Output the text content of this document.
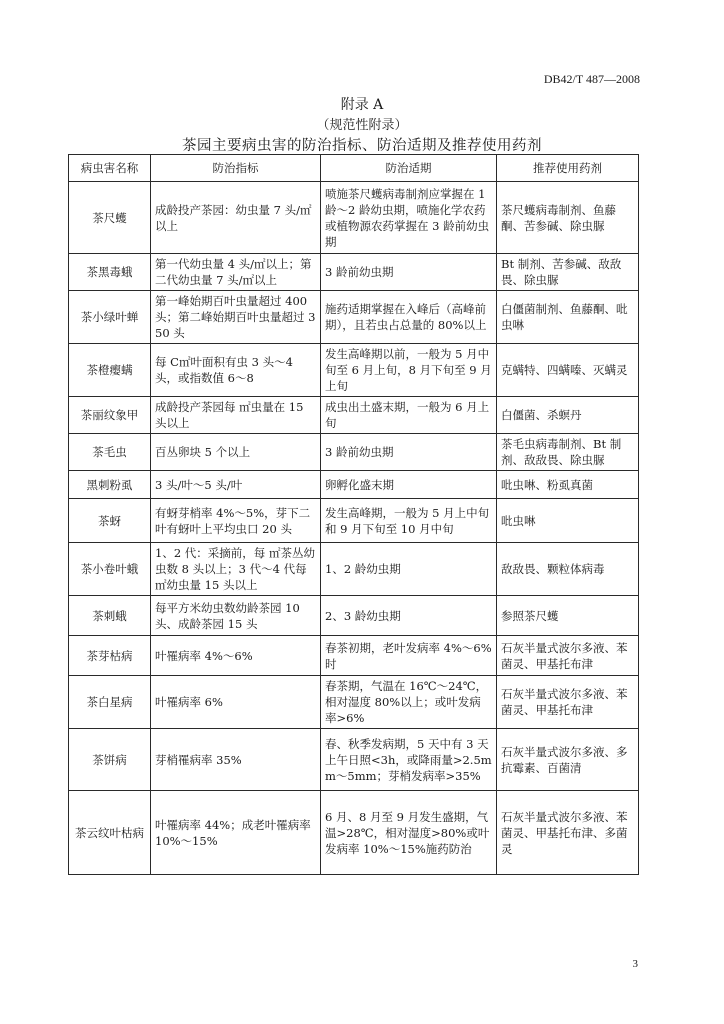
DB42/T 487—2008
附录 A
（规范性附录）
茶园主要病虫害的防治指标、防治适期及推荐使用药剂
病虫害名称	防治指标	防治适期	推荐使用药剂
茶尺蠖	成龄投产茶园：幼虫量 7 头/㎡以上	喷施茶尺蠖病毒制剂应掌握在 1 龄～2 龄幼虫期，喷施化学农药或植物源农药掌握在 3 龄前幼虫期	茶尺蠖病毒制剂、鱼藤酮、苦参碱、除虫脲
茶黑毒蛾	第一代幼虫量 4 头/㎡以上；第二代幼虫量 7 头/㎡以上	3 龄前幼虫期	Bt 制剂、苦参碱、敌敌畏、除虫脲
茶小绿叶蝉	第一峰始期百叶虫量超过 400 头；第二峰始期百叶虫量超过 350 头	施药适期掌握在入峰后（高峰前期），且若虫占总量的 80%以上	白僵菌制剂、鱼藤酮、吡虫啉
茶橙瘿螨	每 C㎡叶面积有虫 3 头～4 头，或指数值 6～8	发生高峰期以前，一般为 5 月中旬至 6 月上旬，8 月下旬至 9 月上旬	克螨特、四螨嗪、灭螨灵
茶丽纹象甲	成龄投产茶园每 ㎡虫量在 15 头以上	成虫出土盛末期，一般为 6 月上旬	白僵菌、杀螟丹
茶毛虫	百丛卵块 5 个以上	3 龄前幼虫期	茶毛虫病毒制剂、Bt 制剂、敌敌畏、除虫脲
黑刺粉虱	3 头/叶～5 头/叶	卵孵化盛末期	吡虫啉、粉虱真菌
茶蚜	有蚜芽梢率 4%～5%，芽下二叶有蚜叶上平均虫口 20 头	发生高峰期，一般为 5 月上中旬和 9 月下旬至 10 月中旬	吡虫啉
茶小卷叶蛾	1、2 代：采摘前，每 ㎡茶丛幼虫数 8 头以上；3 代～4 代每 ㎡幼虫量 15 头以上	1、2 龄幼虫期	敌敌畏、颗粒体病毒
茶刺蛾	每平方米幼虫数幼龄茶园 10 头、成龄茶园 15 头	2、3 龄幼虫期	参照茶尺蠖
茶芽枯病	叶罹病率 4%～6%	春茶初期，老叶发病率 4%～6%时	石灰半量式波尔多液、苯菌灵、甲基托布津
茶白星病	叶罹病率 6%	春茶期，气温在 16℃～24℃，相对湿度 80%以上；或叶发病率>6%	石灰半量式波尔多液、苯菌灵、甲基托布津
茶饼病	芽梢罹病率 35%	春、秋季发病期，5 天中有 3 天上午日照<3h，或降雨量>2.5mm～5mm；芽梢发病率>35%	石灰半量式波尔多液、多抗霉素、百菌清
茶云纹叶枯病	叶罹病率 44%；成老叶罹病率 10%～15%	6 月、8 月至 9 月发生盛期，气温>28℃，相对湿度>80%或叶发病率 10%～15%施药防治	石灰半量式波尔多液、苯菌灵、甲基托布津、多菌灵
3
